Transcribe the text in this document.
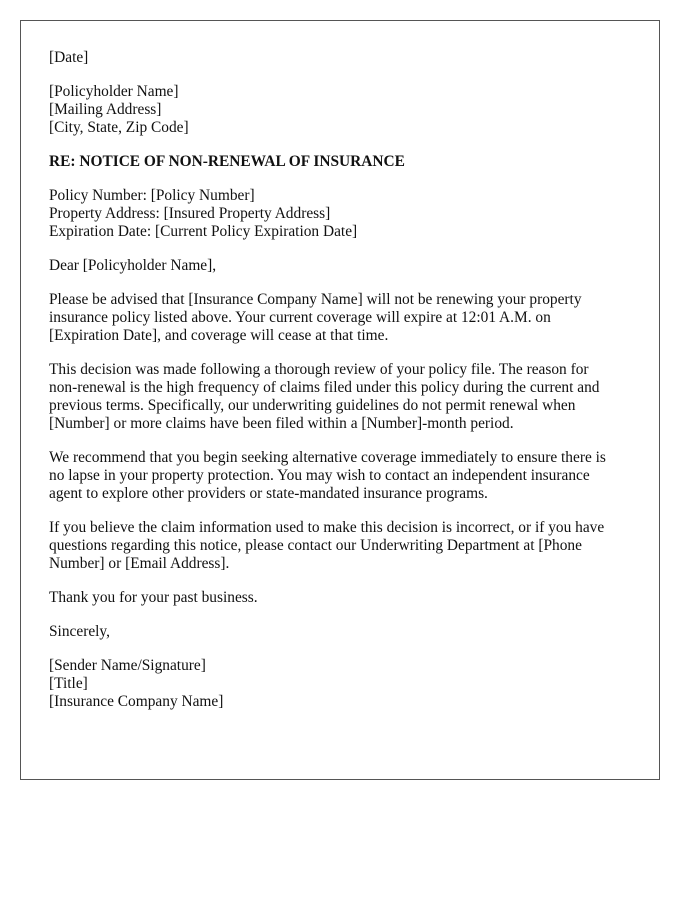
[Date]
[Policyholder Name]
[Mailing Address]
[City, State, Zip Code]
RE: NOTICE OF NON-RENEWAL OF INSURANCE
Policy Number: [Policy Number]
Property Address: [Insured Property Address]
Expiration Date: [Current Policy Expiration Date]
Dear [Policyholder Name],

Please be advised that [Insurance Company Name] will not be renewing your property
insurance policy listed above. Your current coverage will expire at 12:01 A.M. on
[Expiration Date], and coverage will cease at that time.

This decision was made following a thorough review of your policy file. The reason for
non-renewal is the high frequency of claims filed under this policy during the current and
previous terms. Specifically, our underwriting guidelines do not permit renewal when
[Number] or more claims have been filed within a [Number]-month period.

We recommend that you begin seeking alternative coverage immediately to ensure there is
no lapse in your property protection. You may wish to contact an independent insurance
agent to explore other providers or state-mandated insurance programs.

If you believe the claim information used to make this decision is incorrect, or if you have
questions regarding this notice, please contact our Underwriting Department at [Phone
Number] or [Email Address].

Thank you for your past business.

Sincerely,
[Sender Name/Signature]
[Title]
[Insurance Company Name]
